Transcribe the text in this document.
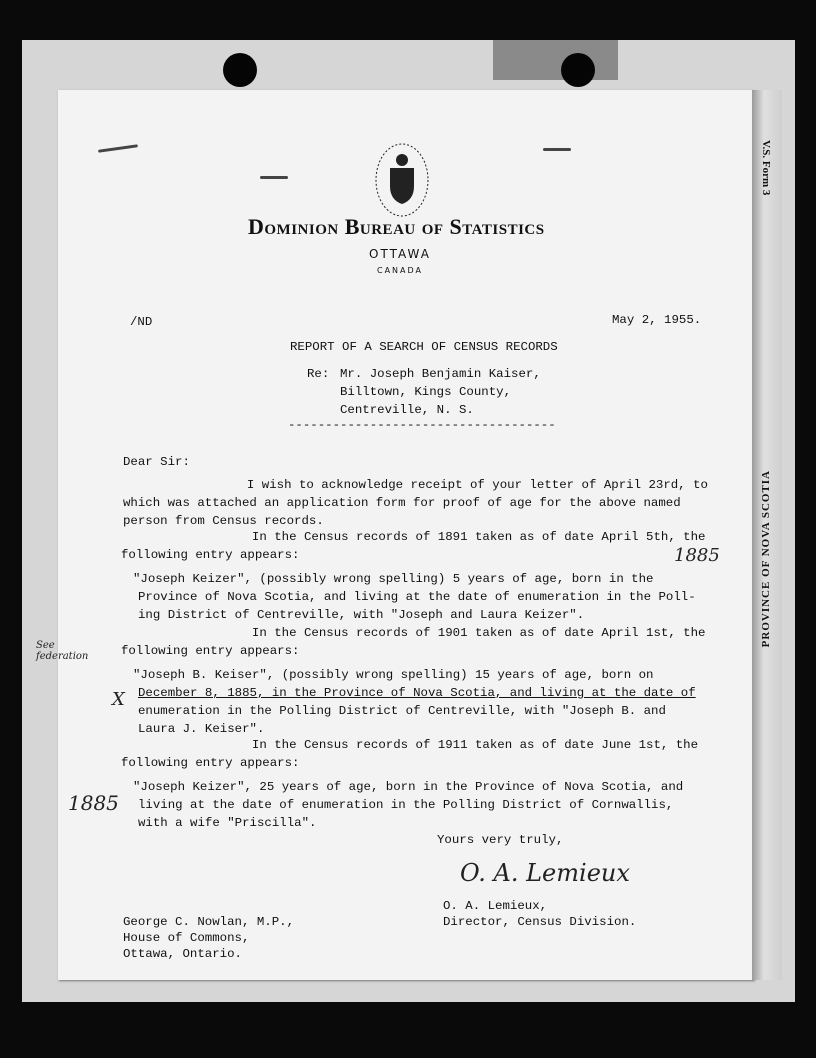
V.S. Form 3
PROVINCE OF NOVA SCOTIA
Dominion Bureau of Statistics
OTTAWA
CANADA
/ND	May 2, 1955.
REPORT OF A SEARCH OF CENSUS RECORDS
Re: Mr. Joseph Benjamin Kaiser,
Billtown, Kings County,
Centreville, N. S.
------------------------------------
Dear Sir:
I wish to acknowledge receipt of your letter of April 23rd, to
which was attached an application form for proof of age for the above named
person from Census records.
In the Census records of 1891 taken as of date April 5th, the
following entry appears:
"Joseph Keizer", (possibly wrong spelling) 5 years of age, born in the
Province of Nova Scotia, and living at the date of enumeration in the Poll-
ing District of Centreville, with "Joseph and Laura Keizer".
In the Census records of 1901 taken as of date April 1st, the
following entry appears:
"Joseph B. Keiser", (possibly wrong spelling) 15 years of age, born on
December 8, 1885, in the Province of Nova Scotia, and living at the date of
enumeration in the Polling District of Centreville, with "Joseph B. and
Laura J. Keiser".
In the Census records of 1911 taken as of date June 1st, the
following entry appears:
"Joseph Keizer", 25 years of age, born in the Province of Nova Scotia, and
living at the date of enumeration in the Polling District of Cornwallis,
with a wife "Priscilla".
Yours very truly,
O. A. Lemieux
O. A. Lemieux,
Director, Census Division.
George C. Nowlan, M.P.,
House of Commons,
Ottawa, Ontario.
1885
See federation
X
1885
